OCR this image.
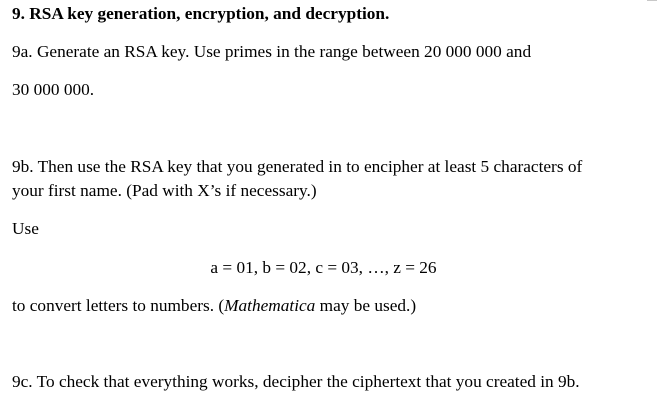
9. RSA key generation, encryption, and decryption.
9a. Generate an RSA key. Use primes in the range between 20 000 000 and
30 000 000.
9b. Then use the RSA key that you generated in to encipher at least 5 characters of
your first name. (Pad with X’s if necessary.)
Use
a = 01, b = 02, c = 03, …, z = 26
to convert letters to numbers. (Mathematica may be used.)
9c. To check that everything works, decipher the ciphertext that you created in 9b.
